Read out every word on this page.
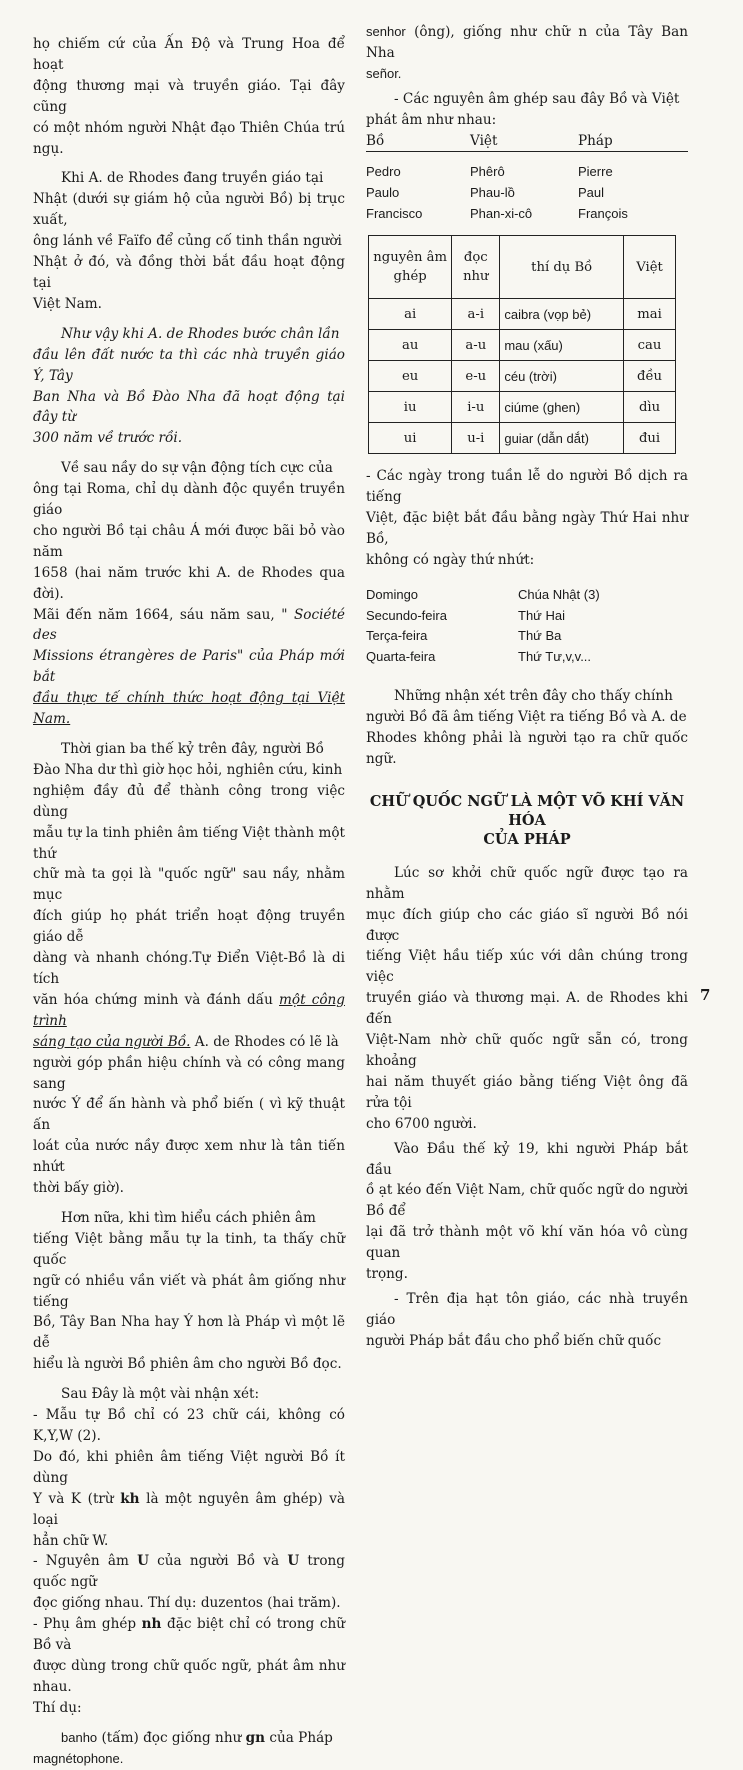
họ chiếm cứ của Ấn Độ và Trung Hoa để hoạt
động thương mại và truyền giáo. Tại đây cũng
có một nhóm người Nhật đạo Thiên Chúa trú ngụ.

Khi A. de Rhodes đang truyền giáo tại
Nhật (dưới sự giám hộ của người Bồ) bị trục xuất,
ông lánh về Faïfo để củng cố tinh thần người
Nhật ở đó, và đồng thời bắt đầu hoạt động tại
Việt Nam.

Như vậy khi A. de Rhodes bước chân lần
đầu lên đất nước ta thì các nhà truyền giáo Ý, Tây
Ban Nha và Bồ Đào Nha đã hoạt động tại đây từ
300 năm về trước rồi.

Về sau nầy do sự vận động tích cực của
ông tại Roma, chỉ dụ dành độc quyền truyền giáo
cho người Bồ tại châu Á mới được bãi bỏ vào năm
1658 (hai năm trước khi A. de Rhodes qua đời).
Mãi đến năm 1664, sáu năm sau, " Société des
Missions étrangères de Paris" của Pháp mới bắt
đầu thực tế chính thức hoạt động tại Việt Nam.

Thời gian ba thế kỷ trên đây, người Bồ
Đào Nha dư thì giờ học hỏi, nghiên cứu, kinh
nghiệm đầy đủ để thành công trong việc dùng
mẫu tự la tinh phiên âm tiếng Việt thành một thứ
chữ mà ta gọi là "quốc ngữ" sau nầy, nhằm mục
đích giúp họ phát triển hoạt động truyền giáo dễ
dàng và nhanh chóng.Tự Điển Việt-Bồ là di tích
văn hóa chứng minh và đánh dấu một công trình
sáng tạo của người Bồ. A. de Rhodes có lẽ là
người góp phần hiệu chính và có công mang sang
nước Ý để ấn hành và phổ biến ( vì kỹ thuật ấn
loát của nước nầy được xem như là tân tiến nhứt
thời bấy giờ).

Hơn nữa, khi tìm hiểu cách phiên âm
tiếng Việt bằng mẫu tự la tinh, ta thấy chữ quốc
ngữ có nhiều vần viết và phát âm giống như tiếng
Bồ, Tây Ban Nha hay Ý hơn là Pháp vì một lẽ dễ
hiểu là người Bồ phiên âm cho người Bồ đọc.

Sau Đây là một vài nhận xét:

- Mẫu tự Bồ chỉ có 23 chữ cái, không có K,Y,W (2).
Do đó, khi phiên âm tiếng Việt người Bồ ít dùng
Y và K (trừ kh là một nguyên âm ghép) và loại
hẳn chữ W.

- Nguyên âm U của người Bồ và U trong quốc ngữ
đọc giống nhau. Thí dụ: duzentos (hai trăm).

- Phụ âm ghép nh đặc biệt chỉ có trong chữ Bồ và
được dùng trong chữ quốc ngữ, phát âm như nhau.
Thí dụ:

banho (tấm) đọc giống như gn của Pháp
magnétophone.

senhor (ông), giống như chữ n của Tây Ban Nha
señor.

- Các nguyên âm ghép sau đây Bồ và Việt

phát âm như nhau:

Bồ	Việt	Pháp
Pedro	Phêrô	Pierre
Paulo	Phau-lồ	Paul
Francisco	Phan-xi-cô	François
nguyên âm ghép	đọc như	thí dụ Bồ	Việt
ai	a-i	caibra (vọp bẻ)	mai
au	a-u	mau (xấu)	cau
eu	e-u	céu (trời)	đều
iu	i-u	ciúme (ghen)	dìu
ui	u-i	guiar (dẫn dắt)	đui

- Các ngày trong tuần lễ do người Bồ dịch ra tiếng
Việt, đặc biệt bắt đầu bằng ngày Thứ Hai như Bồ,
không có ngày thứ nhứt:

Domingo	Chúa Nhật (3)
Secundo-feira	Thứ Hai
Terça-feira	Thứ Ba
Quarta-feira	Thứ Tư,v,v...

Những nhận xét trên đây cho thấy chính
người Bồ đã âm tiếng Việt ra tiếng Bồ và A. de
Rhodes không phải là người tạo ra chữ quốc ngữ.

CHỮ QUỐC NGỮ LÀ MỘT VÕ KHÍ VĂN HÓA
CỦA PHÁP

Lúc sơ khởi chữ quốc ngữ được tạo ra nhằm
mục đích giúp cho các giáo sĩ người Bồ nói được
tiếng Việt hầu tiếp xúc với dân chúng trong việc
truyền giáo và thương mại. A. de Rhodes khi đến
Việt-Nam nhờ chữ quốc ngữ sẵn có, trong khoảng
hai năm thuyết giáo bằng tiếng Việt ông đã rửa tội
cho 6700 người.

Vào Đầu thế kỷ 19, khi người Pháp bắt đầu
ồ ạt kéo đến Việt Nam, chữ quốc ngữ do người Bồ để
lại đã trở thành một võ khí văn hóa vô cùng quan
trọng.

- Trên địa hạt tôn giáo, các nhà truyền giáo
người Pháp bắt đầu cho phổ biến chữ quốc

7
